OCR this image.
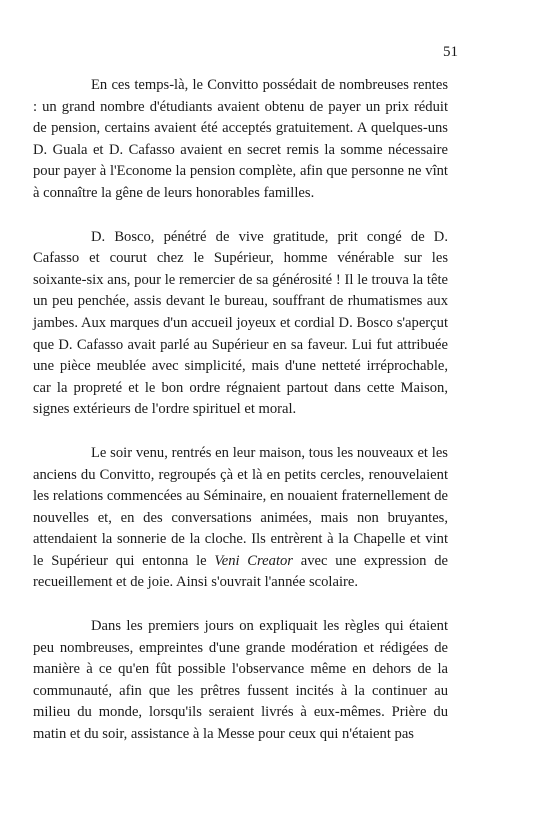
51

En ces temps-là, le Convitto possédait de nombreuses rentes : un grand nombre d'étudiants avaient obtenu de payer un prix réduit de pension, certains avaient été acceptés gratuitement. A quelques-uns D. Guala et D. Cafasso avaient en secret remis la somme nécessaire pour payer à l'Econome la pension complète, afin que personne ne vînt à connaître la gêne de leurs honorables familles.

D. Bosco, pénétré de vive gratitude, prit congé de D. Cafasso et courut chez le Supérieur, homme vénérable sur les soixante-six ans, pour le remercier de sa générosité ! Il le trouva la tête un peu penchée, assis devant le bureau, souffrant de rhumatismes aux jambes. Aux marques d'un accueil joyeux et cordial D. Bosco s'aperçut que D. Cafasso avait parlé au Supérieur en sa faveur. Lui fut attribuée une pièce meublée avec simplicité, mais d'une netteté irréprochable, car la propreté et le bon ordre régnaient partout dans cette Maison, signes extérieurs de l'ordre spirituel et moral.

Le soir venu, rentrés en leur maison, tous les nouveaux et les anciens du Convitto, regroupés çà et là en petits cercles, renouvelaient les relations commencées au Séminaire, en nouaient fraternellement de nouvelles et, en des conversations animées, mais non bruyantes, attendaient la sonnerie de la cloche. Ils entrèrent à la Chapelle et vint le Supérieur qui entonna le Veni Creator avec une expression de recueillement et de joie. Ainsi s'ouvrait l'année scolaire.

Dans les premiers jours on expliquait les règles qui étaient peu nombreuses, empreintes d'une grande modération et rédigées de manière à ce qu'en fût possible l'observance même en dehors de la communauté, afin que les prêtres fussent incités à la continuer au milieu du monde, lorsqu'ils seraient livrés à eux-mêmes. Prière du matin et du soir, assistance à la Messe pour ceux qui n'étaient pas
